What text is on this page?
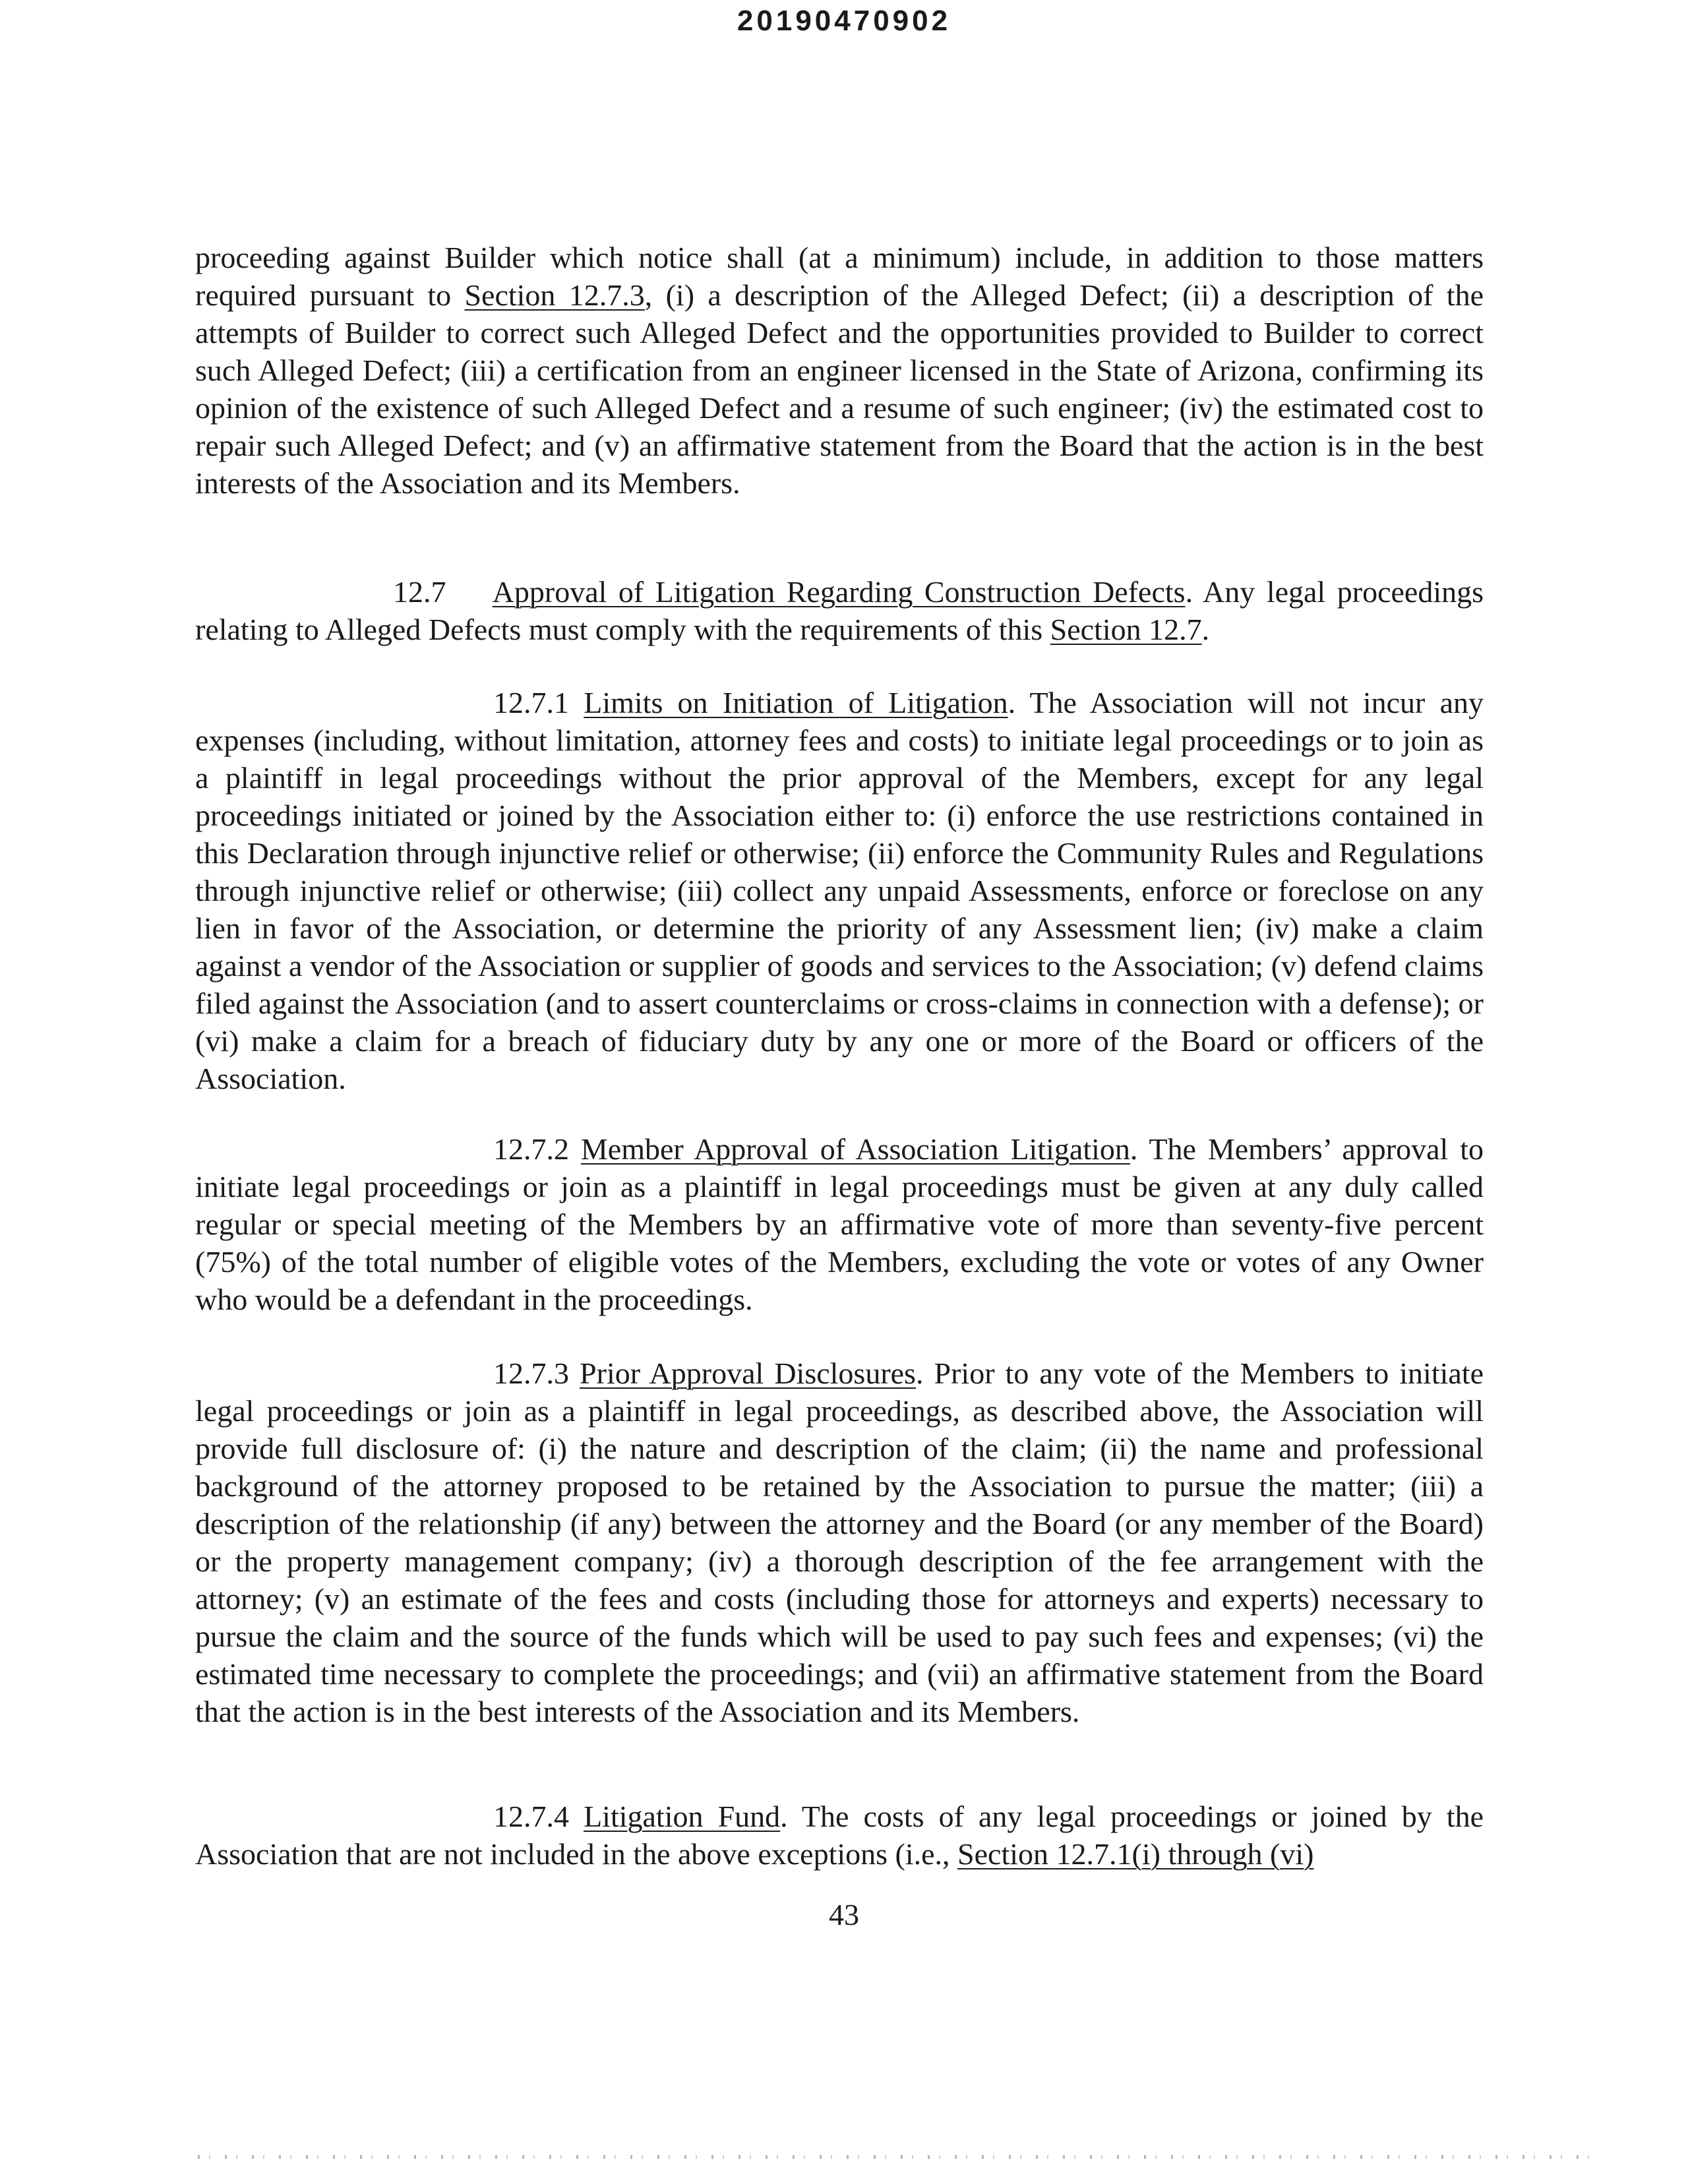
20190470902

proceeding against Builder which notice shall (at a minimum) include, in addition to those matters required pursuant to Section 12.7.3, (i) a description of the Alleged Defect; (ii) a description of the attempts of Builder to correct such Alleged Defect and the opportunities provided to Builder to correct such Alleged Defect; (iii) a certification from an engineer licensed in the State of Arizona, confirming its opinion of the existence of such Alleged Defect and a resume of such engineer; (iv) the estimated cost to repair such Alleged Defect; and (v) an affirmative statement from the Board that the action is in the best interests of the Association and its Members.

12.7 Approval of Litigation Regarding Construction Defects. Any legal proceedings relating to Alleged Defects must comply with the requirements of this Section 12.7.

12.7.1 Limits on Initiation of Litigation. The Association will not incur any expenses (including, without limitation, attorney fees and costs) to initiate legal proceedings or to join as a plaintiff in legal proceedings without the prior approval of the Members, except for any legal proceedings initiated or joined by the Association either to: (i) enforce the use restrictions contained in this Declaration through injunctive relief or otherwise; (ii) enforce the Community Rules and Regulations through injunctive relief or otherwise; (iii) collect any unpaid Assessments, enforce or foreclose on any lien in favor of the Association, or determine the priority of any Assessment lien; (iv) make a claim against a vendor of the Association or supplier of goods and services to the Association; (v) defend claims filed against the Association (and to assert counterclaims or cross-claims in connection with a defense); or (vi) make a claim for a breach of fiduciary duty by any one or more of the Board or officers of the Association.

12.7.2 Member Approval of Association Litigation. The Members’ approval to initiate legal proceedings or join as a plaintiff in legal proceedings must be given at any duly called regular or special meeting of the Members by an affirmative vote of more than seventy-five percent (75%) of the total number of eligible votes of the Members, excluding the vote or votes of any Owner who would be a defendant in the proceedings.

12.7.3 Prior Approval Disclosures. Prior to any vote of the Members to initiate legal proceedings or join as a plaintiff in legal proceedings, as described above, the Association will provide full disclosure of: (i) the nature and description of the claim; (ii) the name and professional background of the attorney proposed to be retained by the Association to pursue the matter; (iii) a description of the relationship (if any) between the attorney and the Board (or any member of the Board) or the property management company; (iv) a thorough description of the fee arrangement with the attorney; (v) an estimate of the fees and costs (including those for attorneys and experts) necessary to pursue the claim and the source of the funds which will be used to pay such fees and expenses; (vi) the estimated time necessary to complete the proceedings; and (vii) an affirmative statement from the Board that the action is in the best interests of the Association and its Members.

12.7.4 Litigation Fund. The costs of any legal proceedings or joined by the Association that are not included in the above exceptions (i.e., Section 12.7.1(i) through (vi)

43
